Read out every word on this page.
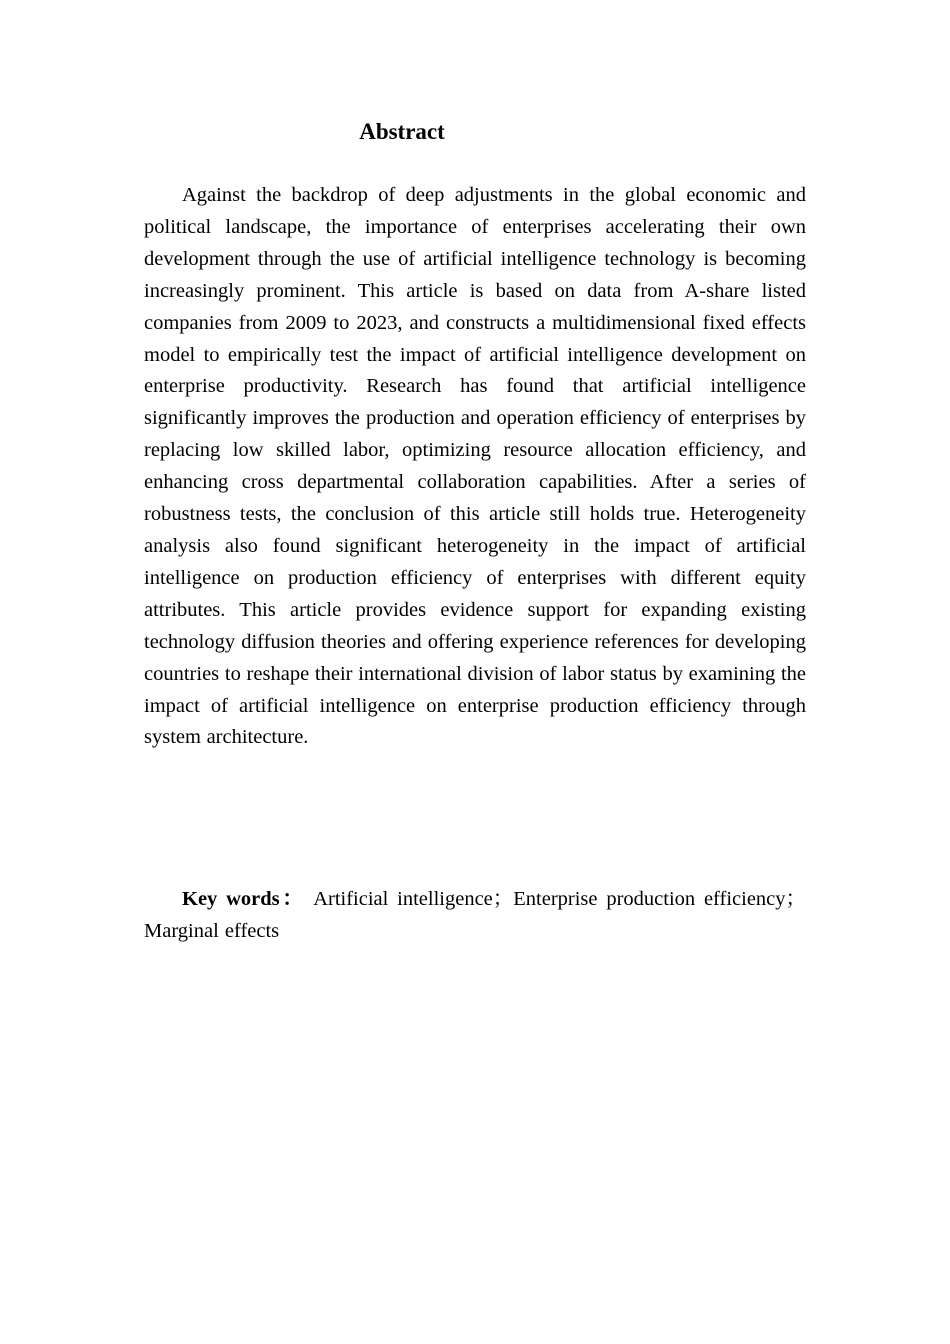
Abstract

Against the backdrop of deep adjustments in the global economic and political landscape, the importance of enterprises accelerating their own development through the use of artificial intelligence technology is becoming increasingly prominent. This article is based on data from A-share listed companies from 2009 to 2023, and constructs a multidimensional fixed effects model to empirically test the impact of artificial intelligence development on enterprise productivity. Research has found that artificial intelligence significantly improves the production and operation efficiency of enterprises by replacing low skilled labor, optimizing resource allocation efficiency, and enhancing cross departmental collaboration capabilities. After a series of robustness tests, the conclusion of this article still holds true. Heterogeneity analysis also found significant heterogeneity in the impact of artificial intelligence on production efficiency of enterprises with different equity attributes. This article provides evidence support for expanding existing technology diffusion theories and offering experience references for developing countries to reshape their international division of labor status by examining the impact of artificial intelligence on enterprise production efficiency through system architecture.

Key words： Artificial intelligence；Enterprise production efficiency；Marginal effects
